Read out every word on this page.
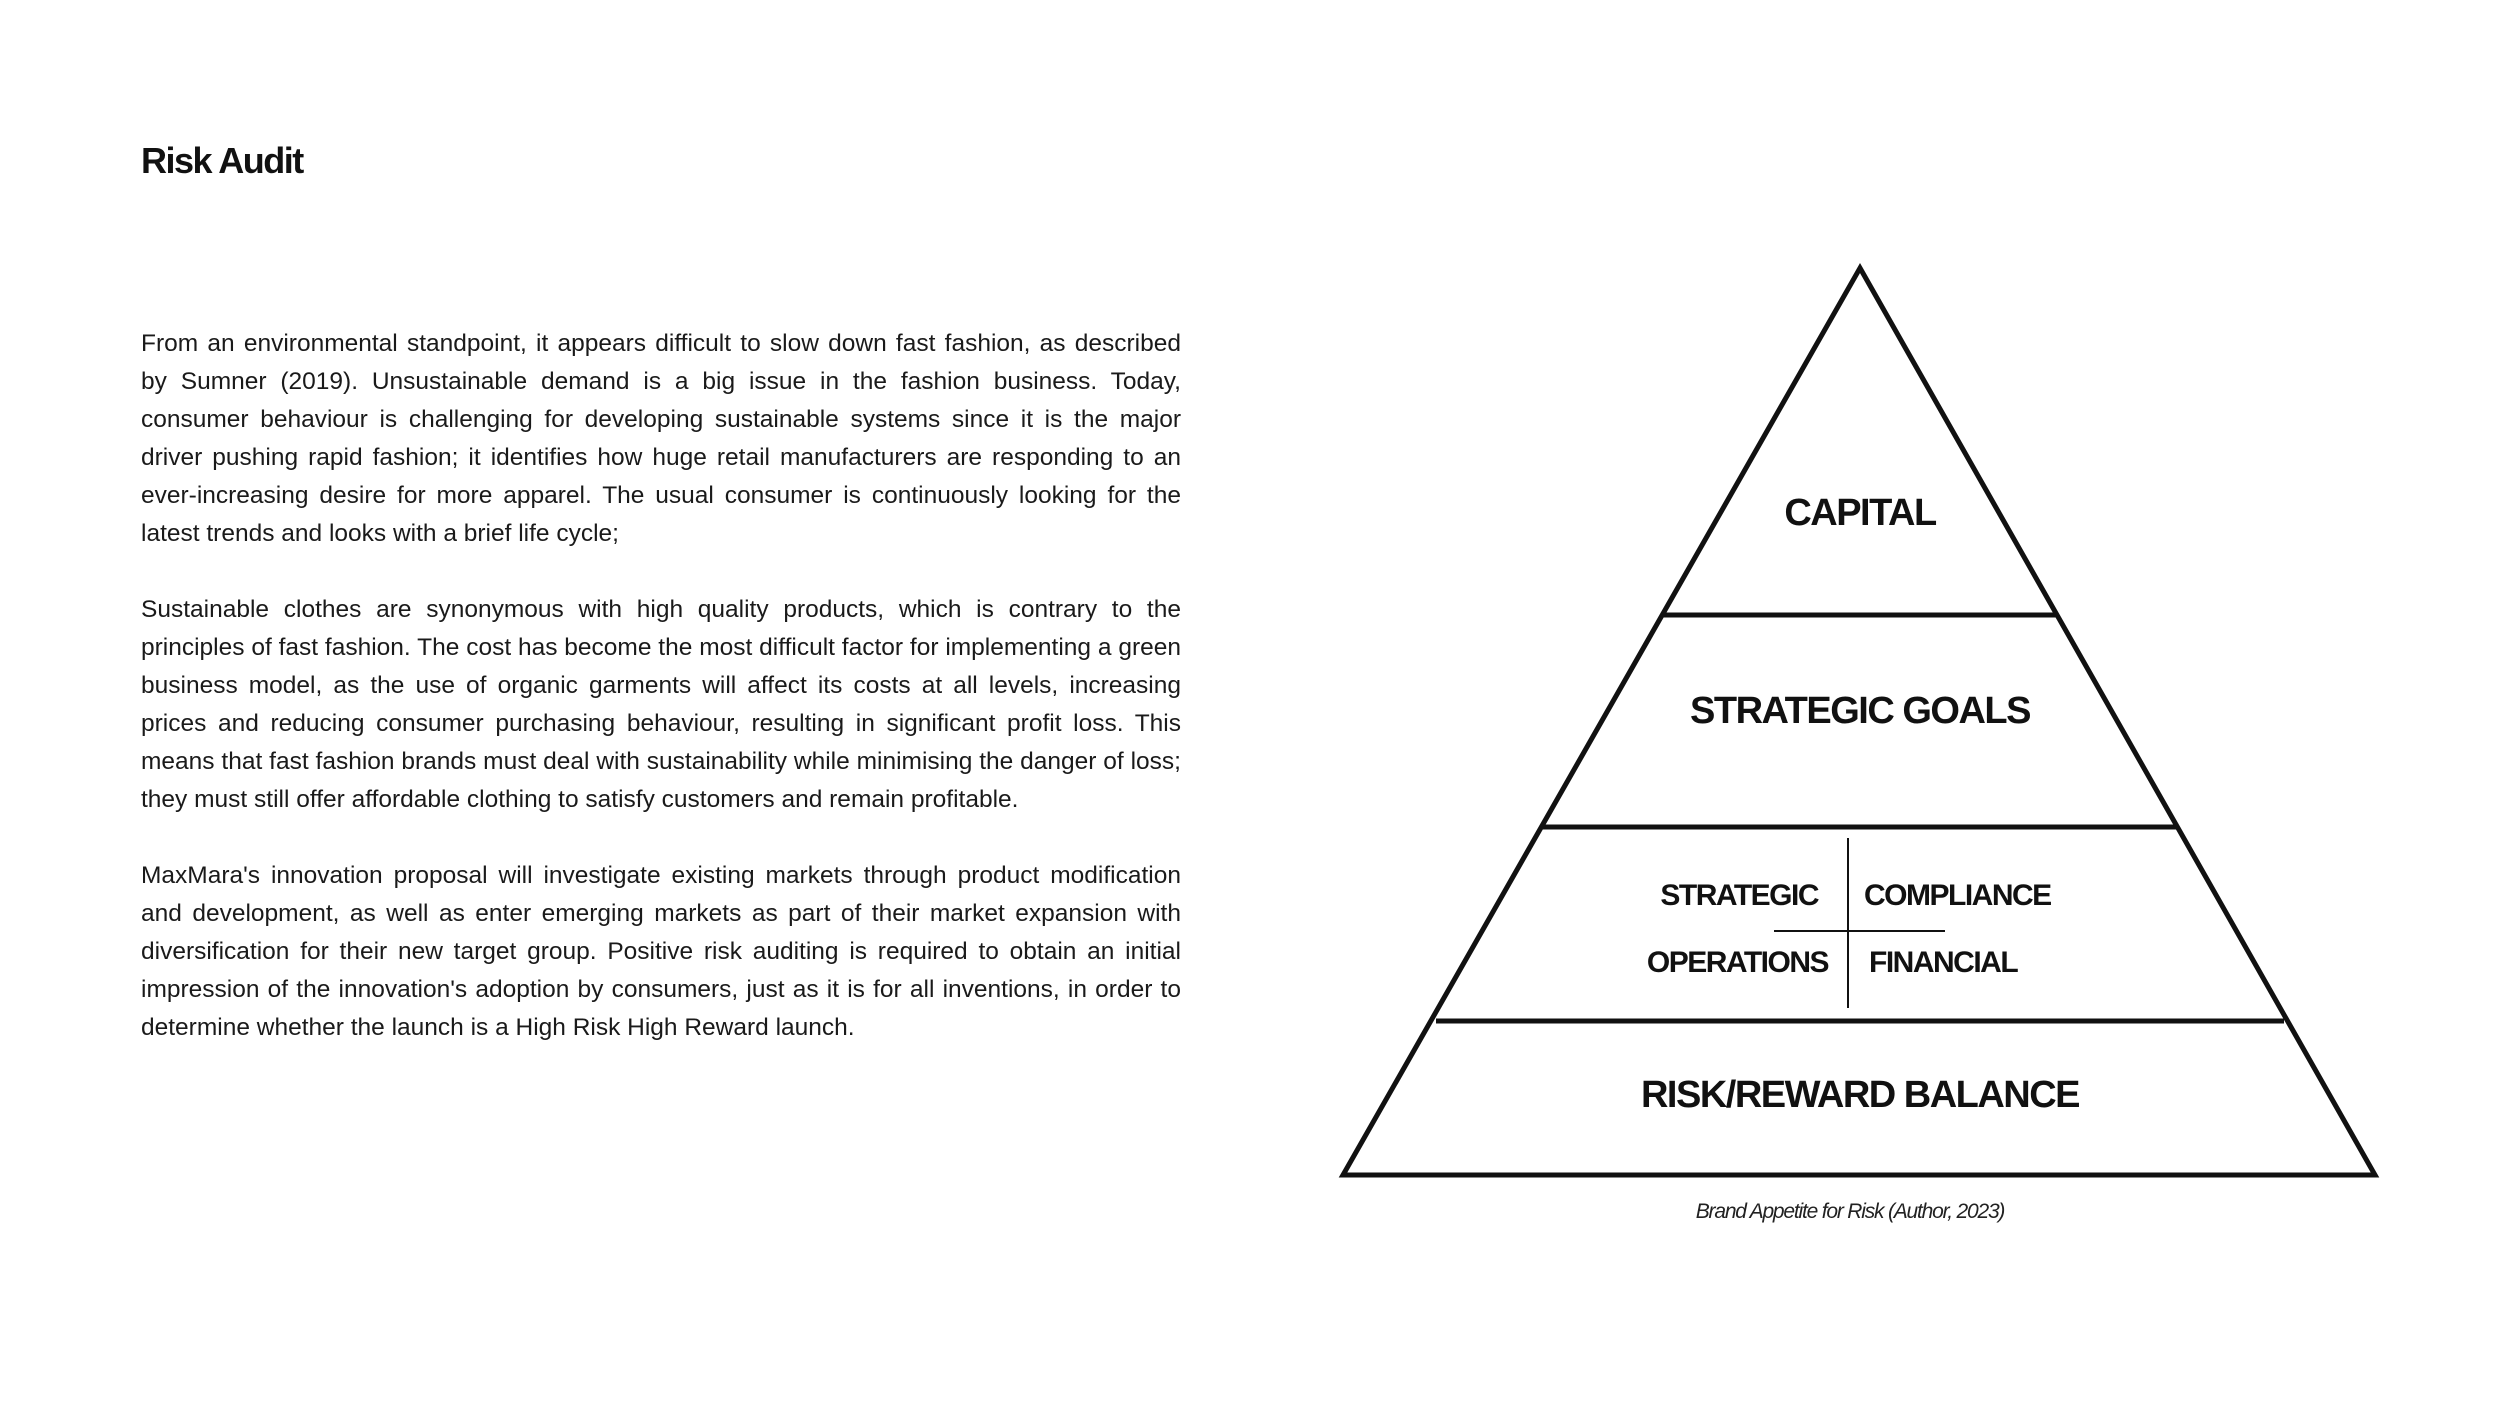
Risk Audit

From an environmental standpoint, it appears difficult to slow down fast fashion, as described by Sumner (2019). Unsustainable demand is a big issue in the fashion business. Today, consumer behaviour is challenging for developing sustainable systems since it is the major driver pushing rapid fashion; it identifies how huge retail manufacturers are responding to an ever-increasing desire for more apparel. The usual consumer is continuously looking for the latest trends and looks with a brief life cycle;

Sustainable clothes are synonymous with high quality products, which is contrary to the principles of fast fashion. The cost has become the most difficult factor for implementing a green business model, as the use of organic garments will affect its costs at all levels, increasing prices and reducing consumer purchasing behaviour, resulting in significant profit loss. This means that fast fashion brands must deal with sustainability while minimising the danger of loss; they must still offer affordable clothing to satisfy customers and remain profitable.

MaxMara's innovation proposal will investigate existing markets through product modification and development, as well as enter emerging markets as part of their market expansion with diversification for their new target group. Positive risk auditing is required to obtain an initial impression of the innovation's adoption by consumers, just as it is for all inventions, in order to determine whether the launch is a High Risk High Reward launch.

CAPITAL
STRATEGIC GOALS
STRATEGIC COMPLIANCE
OPERATIONS FINANCIAL
RISK/REWARD BALANCE
Brand Appetite for Risk (Author, 2023)
